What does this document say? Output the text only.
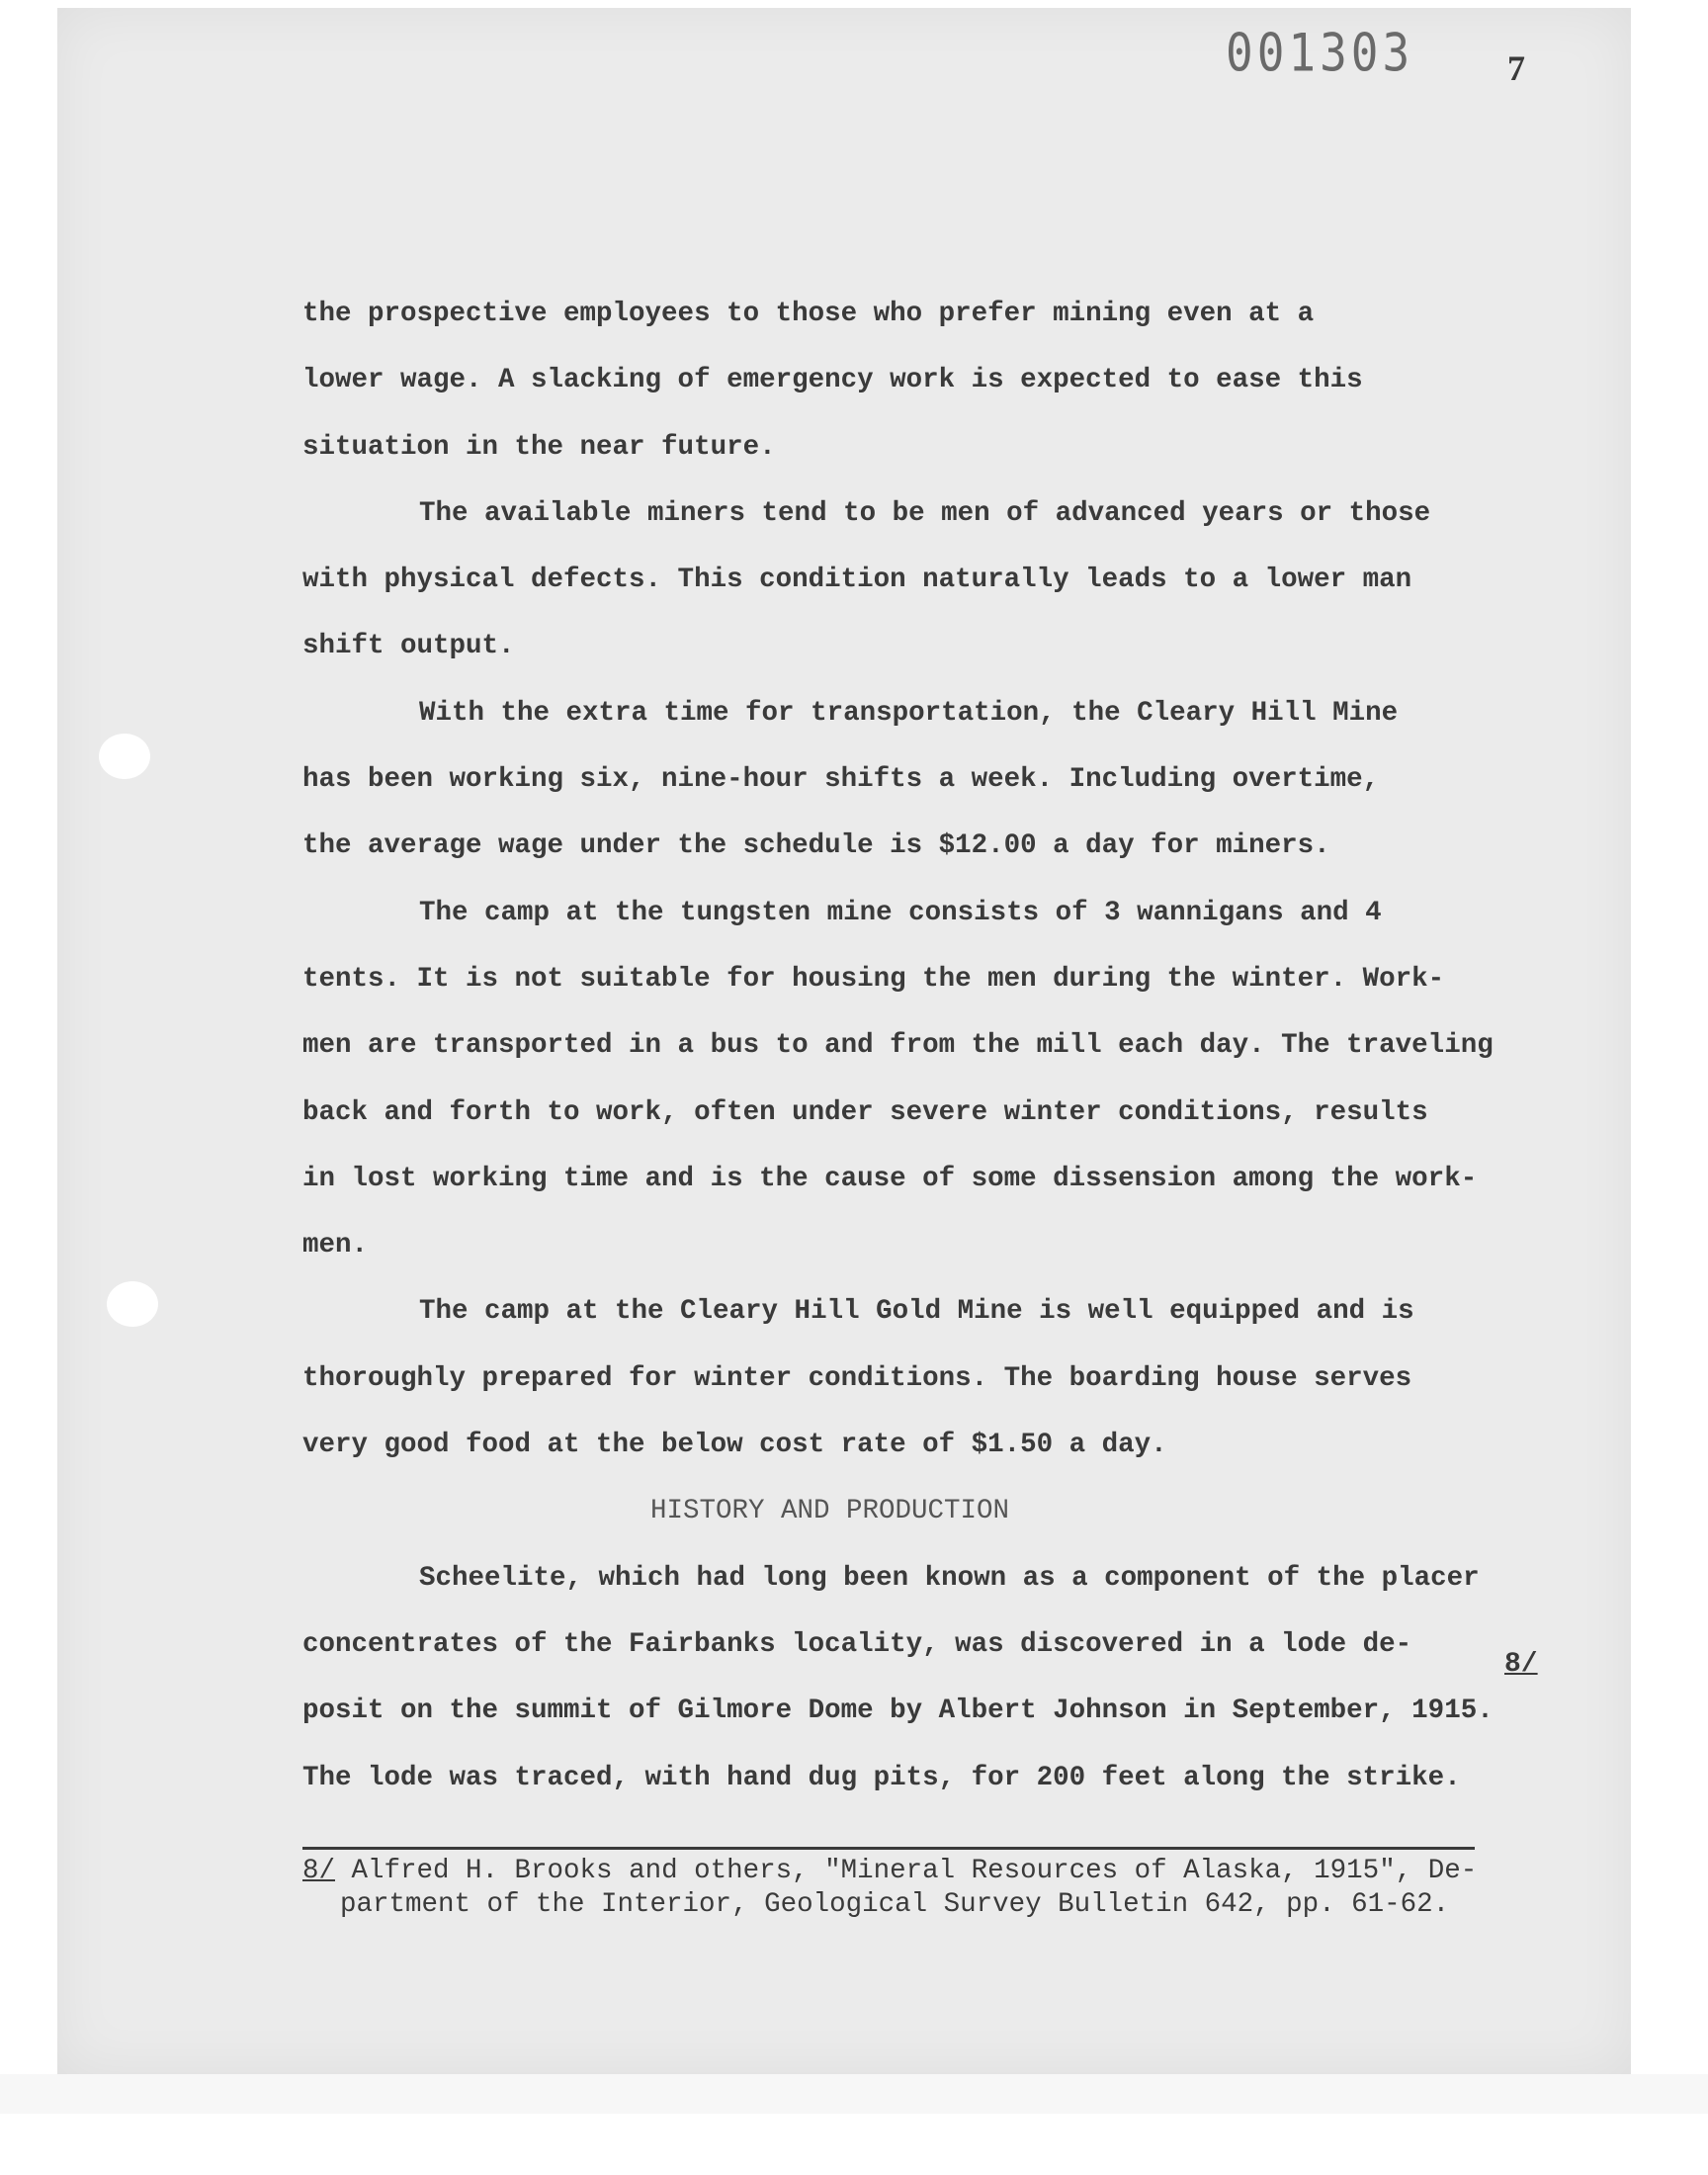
001303	7
the prospective employees to those who prefer mining even at a
lower wage. A slacking of emergency work is expected to ease this
situation in the near future.
The available miners tend to be men of advanced years or those
with physical defects. This condition naturally leads to a lower man
shift output.
With the extra time for transportation, the Cleary Hill Mine
has been working six, nine-hour shifts a week. Including overtime,
the average wage under the schedule is $12.00 a day for miners.
The camp at the tungsten mine consists of 3 wannigans and 4
tents. It is not suitable for housing the men during the winter. Work-
men are transported in a bus to and from the mill each day. The traveling
back and forth to work, often under severe winter conditions, results
in lost working time and is the cause of some dissension among the work-
men.
The camp at the Cleary Hill Gold Mine is well equipped and is
thoroughly prepared for winter conditions. The boarding house serves
very good food at the below cost rate of $1.50 a day.
HISTORY AND PRODUCTION
Scheelite, which had long been known as a component of the placer
concentrates of the Fairbanks locality, was discovered in a lode de-
posit on the summit of Gilmore Dome by Albert Johnson in September, 1915.
The lode was traced, with hand dug pits, for 200 feet along the strike.
8/
8/ Alfred H. Brooks and others, "Mineral Resources of Alaska, 1915", De-
partment of the Interior, Geological Survey Bulletin 642, pp. 61-62.
